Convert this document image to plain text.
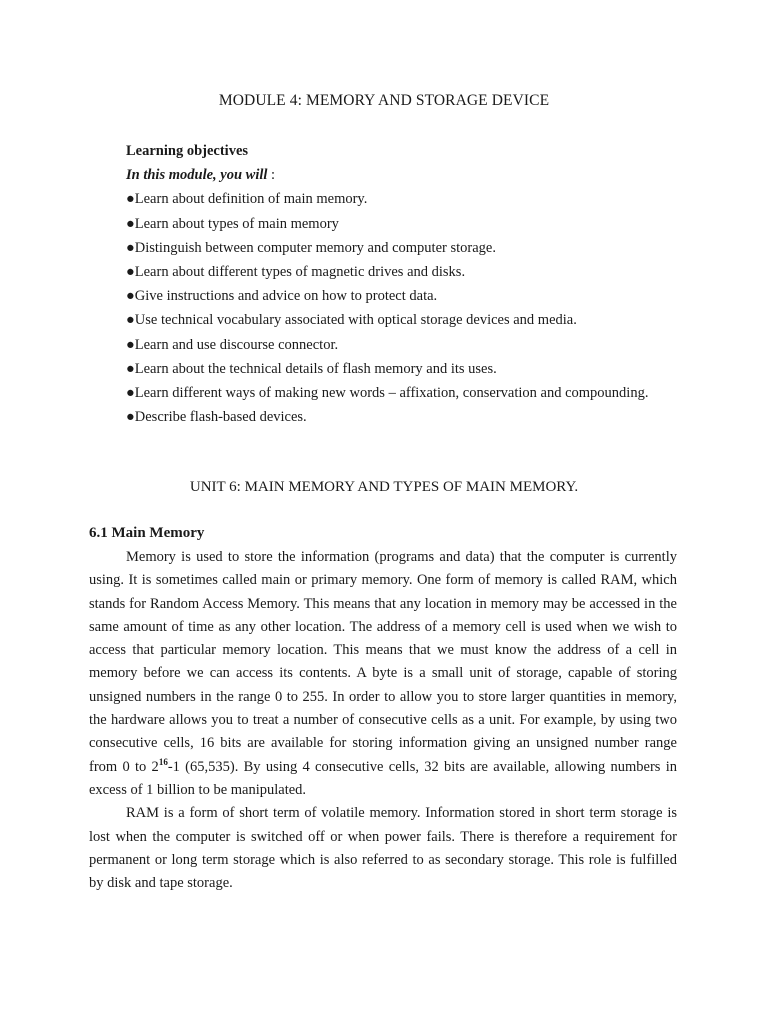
MODULE 4: MEMORY AND STORAGE DEVICE
Learning objectives
In this module, you will :
●Learn about definition of main memory.
●Learn about types of main memory
●Distinguish between computer memory and computer storage.
●Learn about different types of magnetic drives and disks.
●Give instructions and advice on how to protect data.
●Use technical vocabulary associated with optical storage devices and media.
●Learn and use discourse connector.
●Learn about the technical details of flash memory and its uses.
●Learn different ways of making new words – affixation, conservation and compounding.
●Describe flash-based devices.
UNIT 6: MAIN MEMORY AND TYPES OF MAIN MEMORY.
6.1 Main Memory

Memory is used to store the information (programs and data) that the computer is currently using. It is sometimes called main or primary memory. One form of memory is called RAM, which stands for Random Access Memory. This means that any location in memory may be accessed in the same amount of time as any other location. The address of a memory cell is used when we wish to access that particular memory location. This means that we must know the address of a cell in memory before we can access its contents. A byte is a small unit of storage, capable of storing unsigned numbers in the range 0 to 255. In order to allow you to store larger quantities in memory, the hardware allows you to treat a number of consecutive cells as a unit. For example, by using two consecutive cells, 16 bits are available for storing information giving an unsigned number range from 0 to $2^{16}-1$ (65,535). By using 4 consecutive cells, 32 bits are available, allowing numbers in excess of 1 billion to be manipulated.

RAM is a form of short term of volatile memory. Information stored in short term storage is lost when the computer is switched off or when power fails. There is therefore a requirement for permanent or long term storage which is also referred to as secondary storage. This role is fulfilled by disk and tape storage.
